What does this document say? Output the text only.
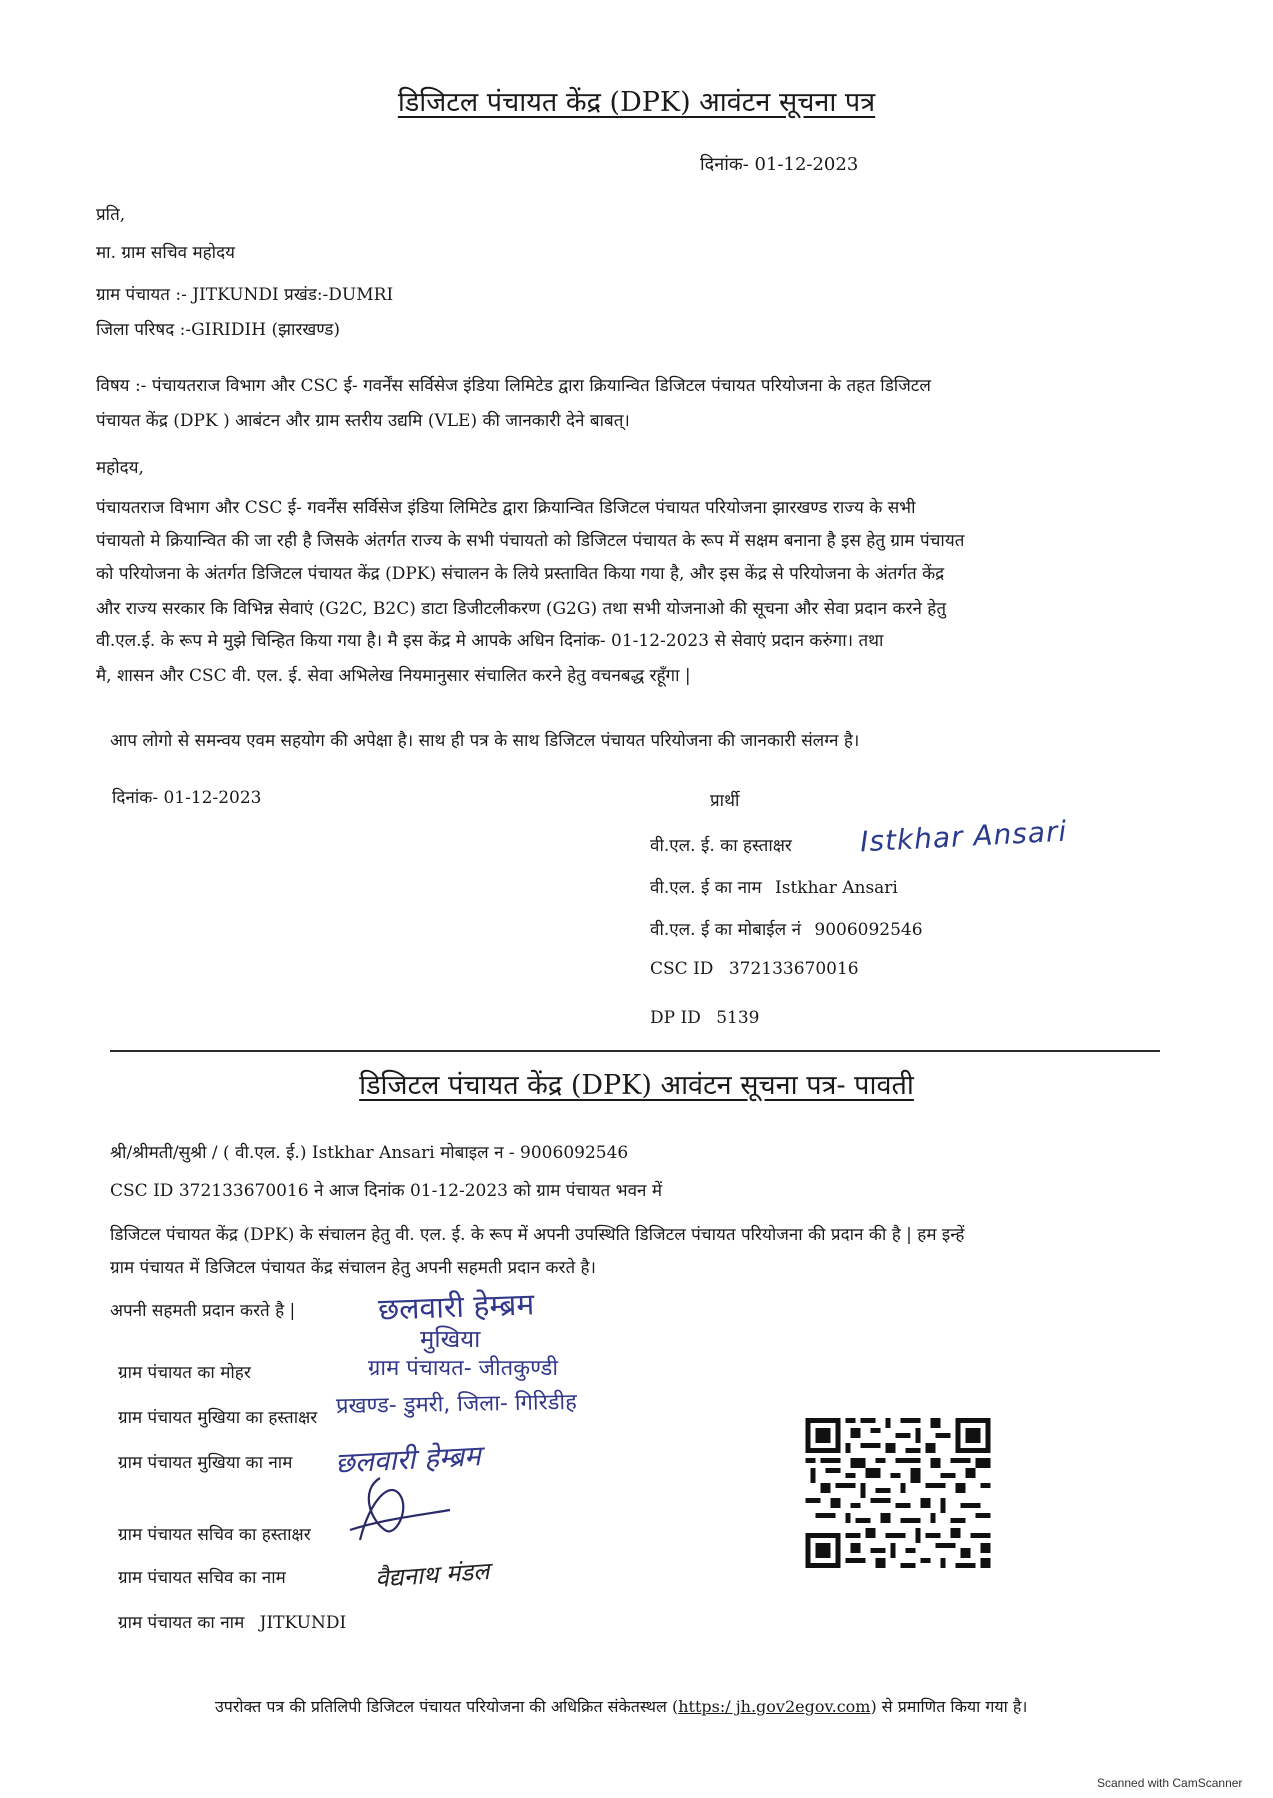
डिजिटल पंचायत केंद्र (DPK) आवंटन सूचना पत्र
दिनांक- 01-12-2023
प्रति,
मा. ग्राम सचिव महोदय
ग्राम पंचायत :- JITKUNDI प्रखंड:-DUMRI
जिला परिषद :-GIRIDIH (झारखण्ड)
विषय :- पंचायतराज विभाग और CSC ई- गवर्नेंस सर्विसेज इंडिया लिमिटेड द्वारा क्रियान्वित डिजिटल पंचायत परियोजना के तहत डिजिटल
पंचायत केंद्र (DPK ) आबंटन और ग्राम स्तरीय उद्यमि (VLE) की जानकारी देने बाबत्।
महोदय,
पंचायतराज विभाग और CSC ई- गवर्नेंस सर्विसेज इंडिया लिमिटेड द्वारा क्रियान्वित डिजिटल पंचायत परियोजना झारखण्ड राज्य के सभी
पंचायतो मे क्रियान्वित की जा रही है जिसके अंतर्गत राज्य के सभी पंचायतो को डिजिटल पंचायत के रूप में सक्षम बनाना है इस हेतु ग्राम पंचायत
को परियोजना के अंतर्गत डिजिटल पंचायत केंद्र (DPK) संचालन के लिये प्रस्तावित किया गया है, और इस केंद्र से परियोजना के अंतर्गत केंद्र
और राज्य सरकार कि विभिन्न सेवाएं (G2C, B2C) डाटा डिजीटलीकरण (G2G) तथा सभी योजनाओ की सूचना और सेवा प्रदान करने हेतु
वी.एल.ई. के रूप मे मुझे चिन्हित किया गया है। मै इस केंद्र मे आपके अधिन दिनांक- 01-12-2023 से सेवाएं प्रदान करुंगा। तथा
मै, शासन और CSC वी. एल. ई. सेवा अभिलेख नियमानुसार संचालित करने हेतु वचनबद्ध रहूँगा |
आप लोगो से समन्वय एवम सहयोग की अपेक्षा है। साथ ही पत्र के साथ डिजिटल पंचायत परियोजना की जानकारी संलग्न है।
दिनांक- 01-12-2023	प्रार्थी
वी.एल. ई. का हस्ताक्षर Istkhar Ansari
वी.एल. ई का नाम Istkhar Ansari
वी.एल. ई का मोबाईल नं 9006092546
CSC ID 372133670016
DP ID 5139
डिजिटल पंचायत केंद्र (DPK) आवंटन सूचना पत्र- पावती
श्री/श्रीमती/सुश्री / ( वी.एल. ई.) Istkhar Ansari मोबाइल न - 9006092546
CSC ID 372133670016 ने आज दिनांक 01-12-2023 को ग्राम पंचायत भवन में
डिजिटल पंचायत केंद्र (DPK) के संचालन हेतु वी. एल. ई. के रूप में अपनी उपस्थिति डिजिटल पंचायत परियोजना की प्रदान की है | हम इन्हें
ग्राम पंचायत में डिजिटल पंचायत केंद्र संचालन हेतु अपनी सहमती प्रदान करते है।
अपनी सहमती प्रदान करते है |
ग्राम पंचायत का मोहर
ग्राम पंचायत मुखिया का हस्ताक्षर
ग्राम पंचायत मुखिया का नाम
ग्राम पंचायत सचिव का हस्ताक्षर
ग्राम पंचायत सचिव का नाम
ग्राम पंचायत का नाम JITKUNDI
छलवारी हेम्ब्रम
मुखिया
ग्राम पंचायत- जीतकुण्डी
प्रखण्ड- डुमरी, जिला- गिरिडीह
छलवारी हेम्ब्रम
वैद्यनाथ मंडल
उपरोक्त पत्र की प्रतिलिपी डिजिटल पंचायत परियोजना की अधिक्रित संकेतस्थल (https:/ jh.gov2egov.com) से प्रमाणित किया गया है।
Scanned with CamScanner
